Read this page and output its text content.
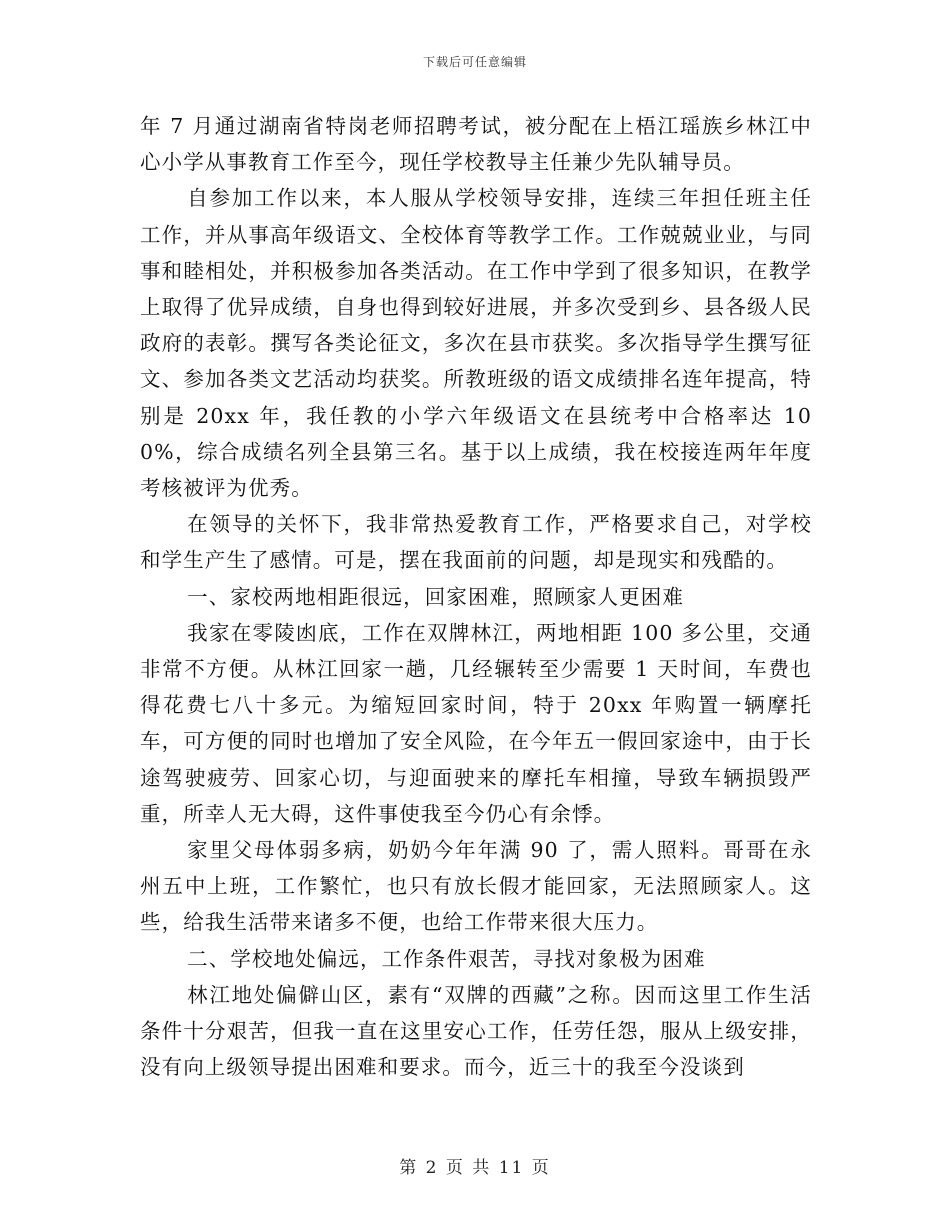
下载后可任意编辑

年 7 月通过湖南省特岗老师招聘考试，被分配在上梧江瑶族乡林江中心小学从事教育工作至今，现任学校教导主任兼少先队辅导员。

自参加工作以来，本人服从学校领导安排，连续三年担任班主任工作，并从事高年级语文、全校体育等教学工作。工作兢兢业业，与同事和睦相处，并积极参加各类活动。在工作中学到了很多知识，在教学上取得了优异成绩，自身也得到较好进展，并多次受到乡、县各级人民政府的表彰。撰写各类论征文，多次在县市获奖。多次指导学生撰写征文、参加各类文艺活动均获奖。所教班级的语文成绩排名连年提高，特别是 20xx 年，我任教的小学六年级语文在县统考中合格率达 100%，综合成绩名列全县第三名。基于以上成绩，我在校接连两年年度考核被评为优秀。

在领导的关怀下，我非常热爱教育工作，严格要求自己，对学校和学生产生了感情。可是，摆在我面前的问题，却是现实和残酷的。

一、家校两地相距很远，回家困难，照顾家人更困难

我家在零陵凼底，工作在双牌林江，两地相距 100 多公里，交通非常不方便。从林江回家一趟，几经辗转至少需要 1 天时间，车费也得花费七八十多元。为缩短回家时间，特于 20xx 年购置一辆摩托车，可方便的同时也增加了安全风险，在今年五一假回家途中，由于长途驾驶疲劳、回家心切，与迎面驶来的摩托车相撞，导致车辆损毁严重，所幸人无大碍，这件事使我至今仍心有余悸。

家里父母体弱多病，奶奶今年年满 90 了，需人照料。哥哥在永州五中上班，工作繁忙，也只有放长假才能回家，无法照顾家人。这些，给我生活带来诸多不便，也给工作带来很大压力。

二、学校地处偏远，工作条件艰苦，寻找对象极为困难

林江地处偏僻山区，素有“双牌的西藏”之称。因而这里工作生活条件十分艰苦，但我一直在这里安心工作，任劳任怨，服从上级安排，没有向上级领导提出困难和要求。而今，近三十的我至今没谈到

第 2 页 共 11 页
